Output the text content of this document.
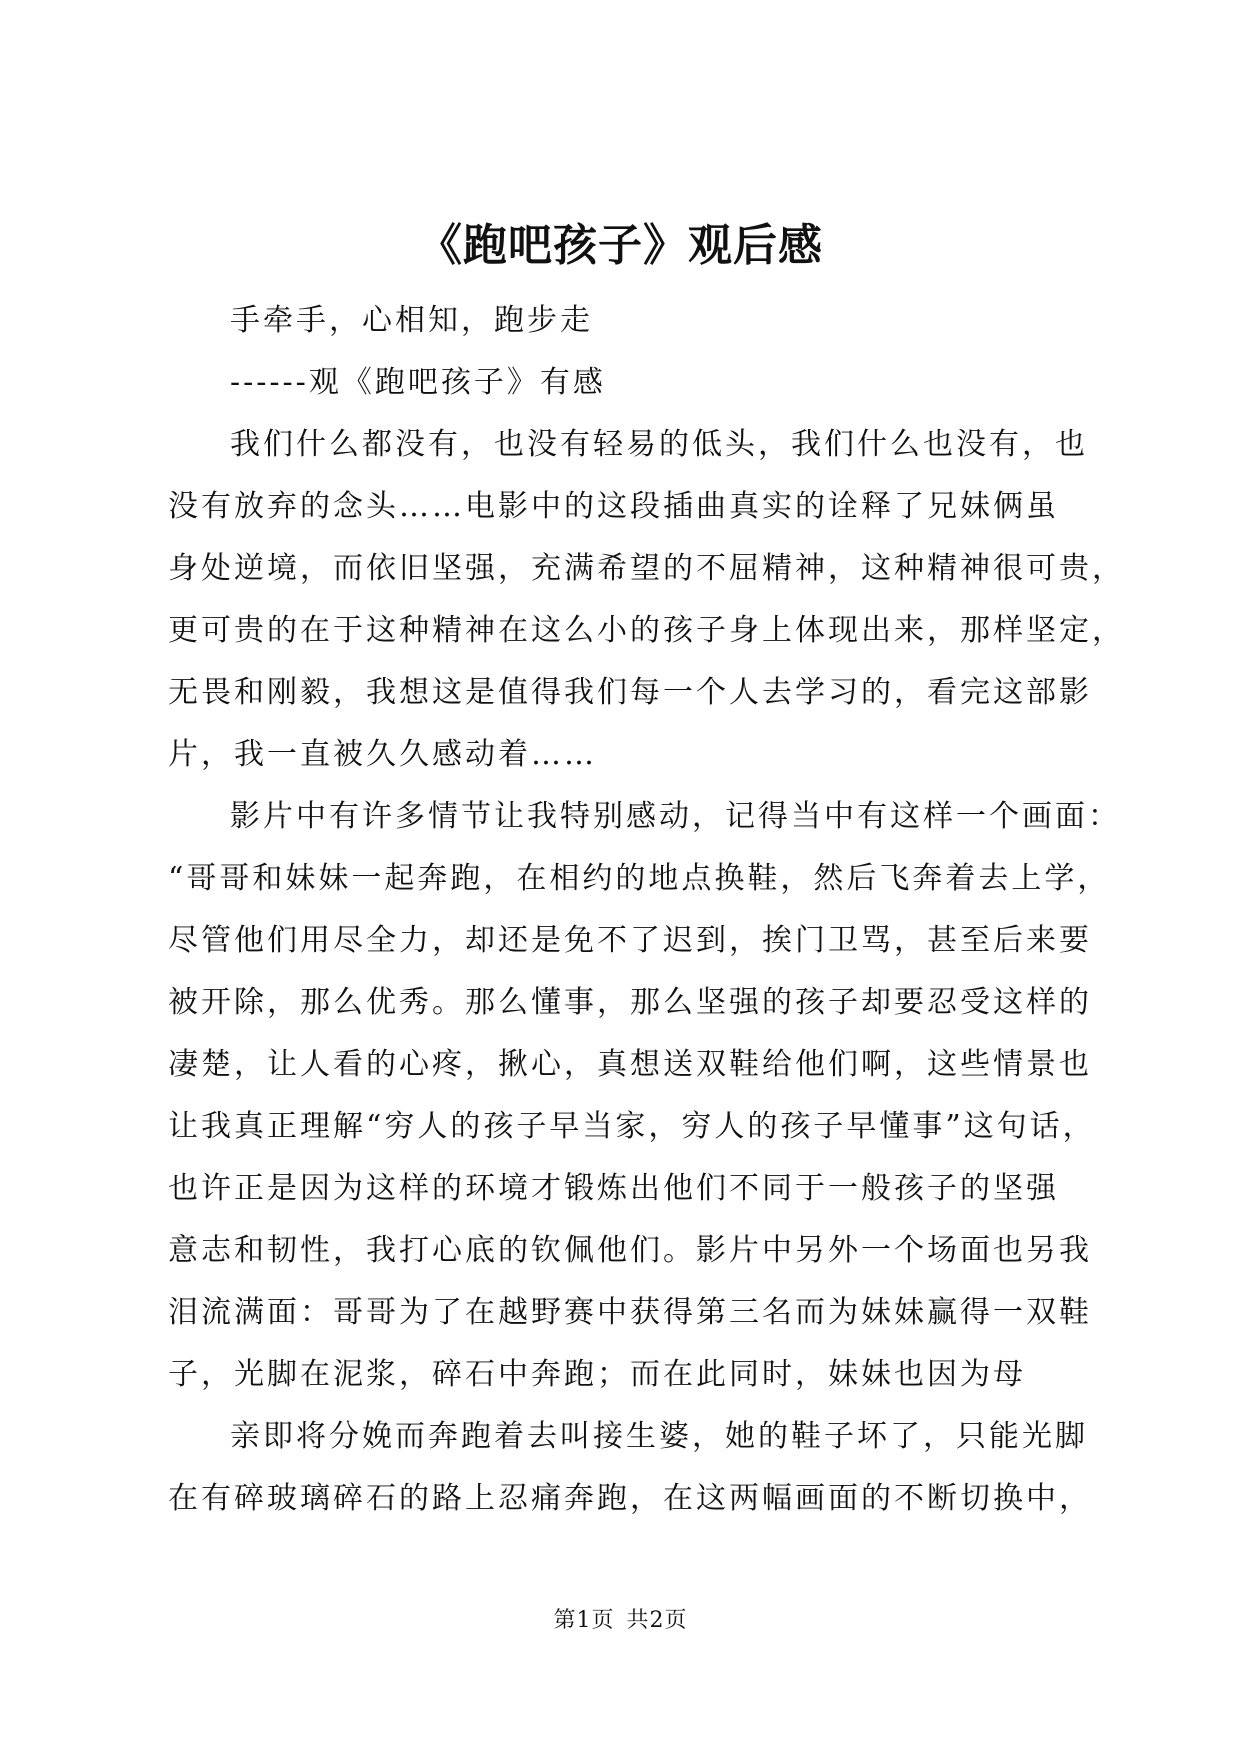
《跑吧孩子》观后感

手牵手，心相知，跑步走

------观《跑吧孩子》有感

我们什么都没有，也没有轻易的低头，我们什么也没有，也

没有放弃的念头……电影中的这段插曲真实的诠释了兄妹俩虽

身处逆境，而依旧坚强，充满希望的不屈精神，这种精神很可贵，

更可贵的在于这种精神在这么小的孩子身上体现出来，那样坚定，

无畏和刚毅，我想这是值得我们每一个人去学习的，看完这部影

片，我一直被久久感动着……

影片中有许多情节让我特别感动，记得当中有这样一个画面：

“哥哥和妹妹一起奔跑，在相约的地点换鞋，然后飞奔着去上学，

尽管他们用尽全力，却还是免不了迟到，挨门卫骂，甚至后来要

被开除，那么优秀。那么懂事，那么坚强的孩子却要忍受这样的

凄楚，让人看的心疼，揪心，真想送双鞋给他们啊，这些情景也

让我真正理解“穷人的孩子早当家，穷人的孩子早懂事”这句话，

也许正是因为这样的环境才锻炼出他们不同于一般孩子的坚强

意志和韧性，我打心底的钦佩他们。影片中另外一个场面也另我

泪流满面：哥哥为了在越野赛中获得第三名而为妹妹赢得一双鞋

子，光脚在泥浆，碎石中奔跑；而在此同时，妹妹也因为母

亲即将分娩而奔跑着去叫接生婆，她的鞋子坏了，只能光脚

在有碎玻璃碎石的路上忍痛奔跑，在这两幅画面的不断切换中，

第1页 共2页
